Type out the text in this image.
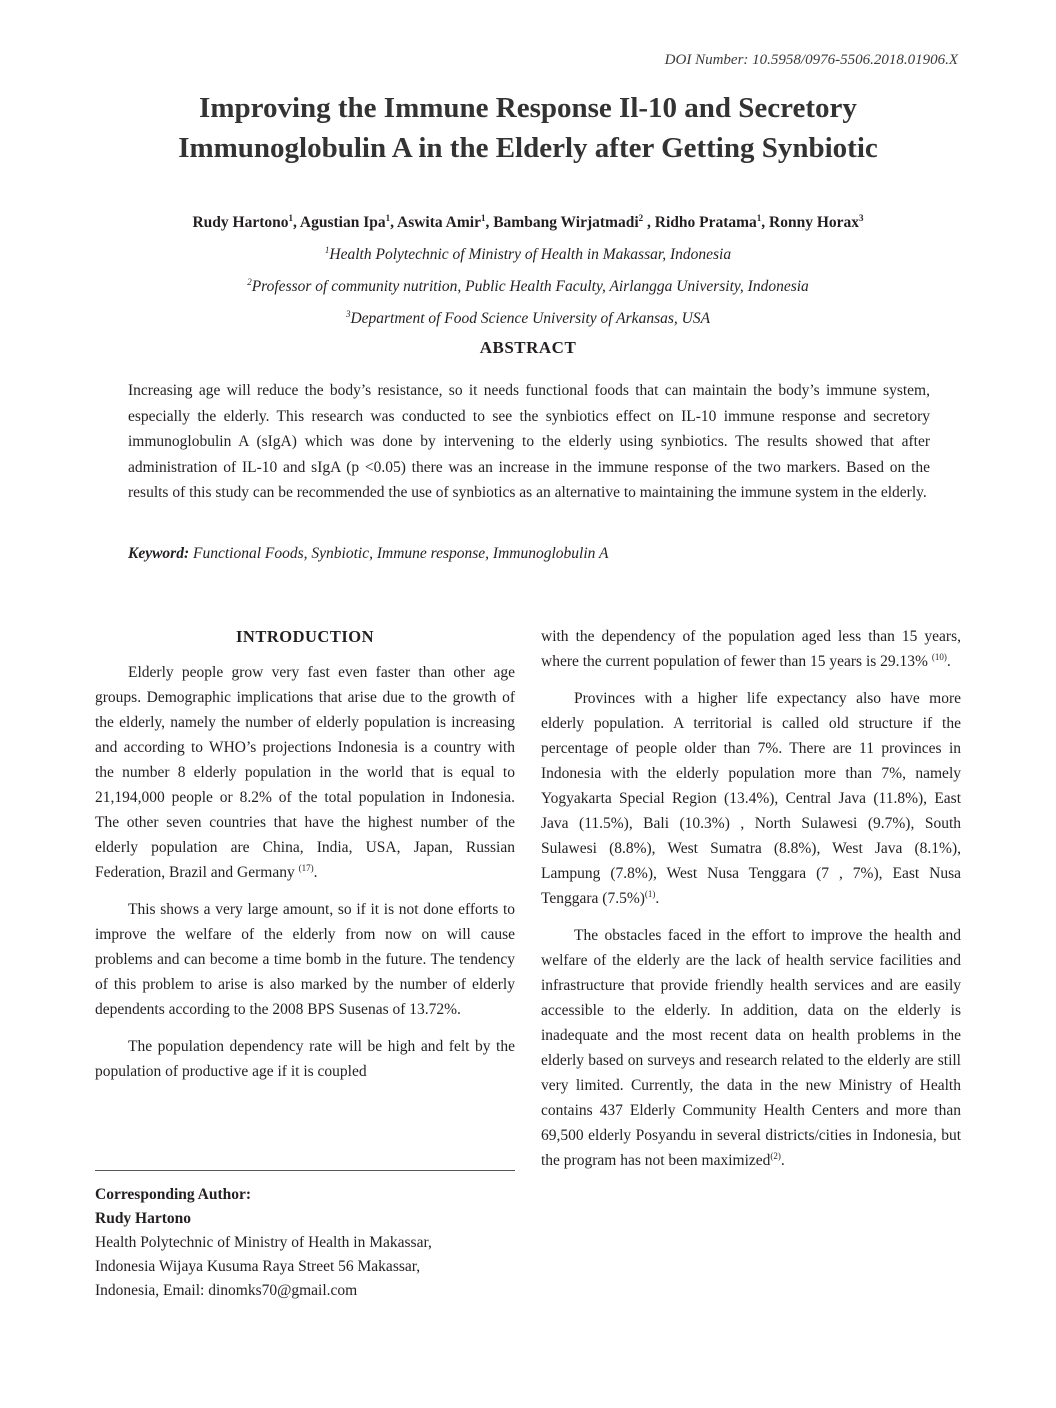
DOI Number: 10.5958/0976-5506.2018.01906.X
Improving the Immune Response Il-10 and Secretory
Immunoglobulin A in the Elderly after Getting Synbiotic
Rudy Hartono$^1$, Agustian Ipa$^1$, Aswita Amir$^1$, Bambang Wirjatmadi$^2$ , Ridho Pratama$^1$, Ronny Horax$^3$
$^1$Health Polytechnic of Ministry of Health in Makassar, Indonesia
$^2$Professor of community nutrition, Public Health Faculty, Airlangga University, Indonesia
$^3$Department of Food Science University of Arkansas, USA
ABSTRACT
Increasing age will reduce the body’s resistance, so it needs functional foods that can maintain the body’s immune system, especially the elderly. This research was conducted to see the synbiotics effect on IL-10 immune response and secretory immunoglobulin A (sIgA) which was done by intervening to the elderly using synbiotics. The results showed that after administration of IL-10 and sIgA (p <0.05) there was an increase in the immune response of the two markers. Based on the results of this study can be recommended the use of synbiotics as an alternative to maintaining the immune system in the elderly.
Keyword: Functional Foods, Synbiotic, Immune response, Immunoglobulin A
INTRODUCTION

Elderly people grow very fast even faster than other age groups. Demographic implications that arise due to the growth of the elderly, namely the number of elderly population is increasing and according to WHO’s projections Indonesia is a country with the number 8 elderly population in the world that is equal to 21,194,000 people or 8.2% of the total population in Indonesia. The other seven countries that have the highest number of the elderly population are China, India, USA, Japan, Russian Federation, Brazil and Germany $^{(17)}$.

This shows a very large amount, so if it is not done efforts to improve the welfare of the elderly from now on will cause problems and can become a time bomb in the future. The tendency of this problem to arise is also marked by the number of elderly dependents according to the 2008 BPS Susenas of 13.72%.

The population dependency rate will be high and felt by the population of productive age if it is coupled

with the dependency of the population aged less than 15 years, where the current population of fewer than 15 years is 29.13% $^{(10)}$.

Provinces with a higher life expectancy also have more elderly population. A territorial is called old structure if the percentage of people older than 7%. There are 11 provinces in Indonesia with the elderly population more than 7%, namely Yogyakarta Special Region (13.4%), Central Java (11.8%), East Java (11.5%), Bali (10.3%) , North Sulawesi (9.7%), South Sulawesi (8.8%), West Sumatra (8.8%), West Java (8.1%), Lampung (7.8%), West Nusa Tenggara (7 , 7%), East Nusa Tenggara $(7.5\%)^{(1)}$.

The obstacles faced in the effort to improve the health and welfare of the elderly are the lack of health service facilities and infrastructure that provide friendly health services and are easily accessible to the elderly. In addition, data on the elderly is inadequate and the most recent data on health problems in the elderly based on surveys and research related to the elderly are still very limited. Currently, the data in the new Ministry of Health contains 437 Elderly Community Health Centers and more than 69,500 elderly Posyandu in several districts/cities in Indonesia, but the program has not been maximized$^{(2)}$.

Corresponding Author:
Rudy Hartono
Health Polytechnic of Ministry of Health in Makassar,
Indonesia Wijaya Kusuma Raya Street 56 Makassar,
Indonesia, Email: dinomks70@gmail.com
